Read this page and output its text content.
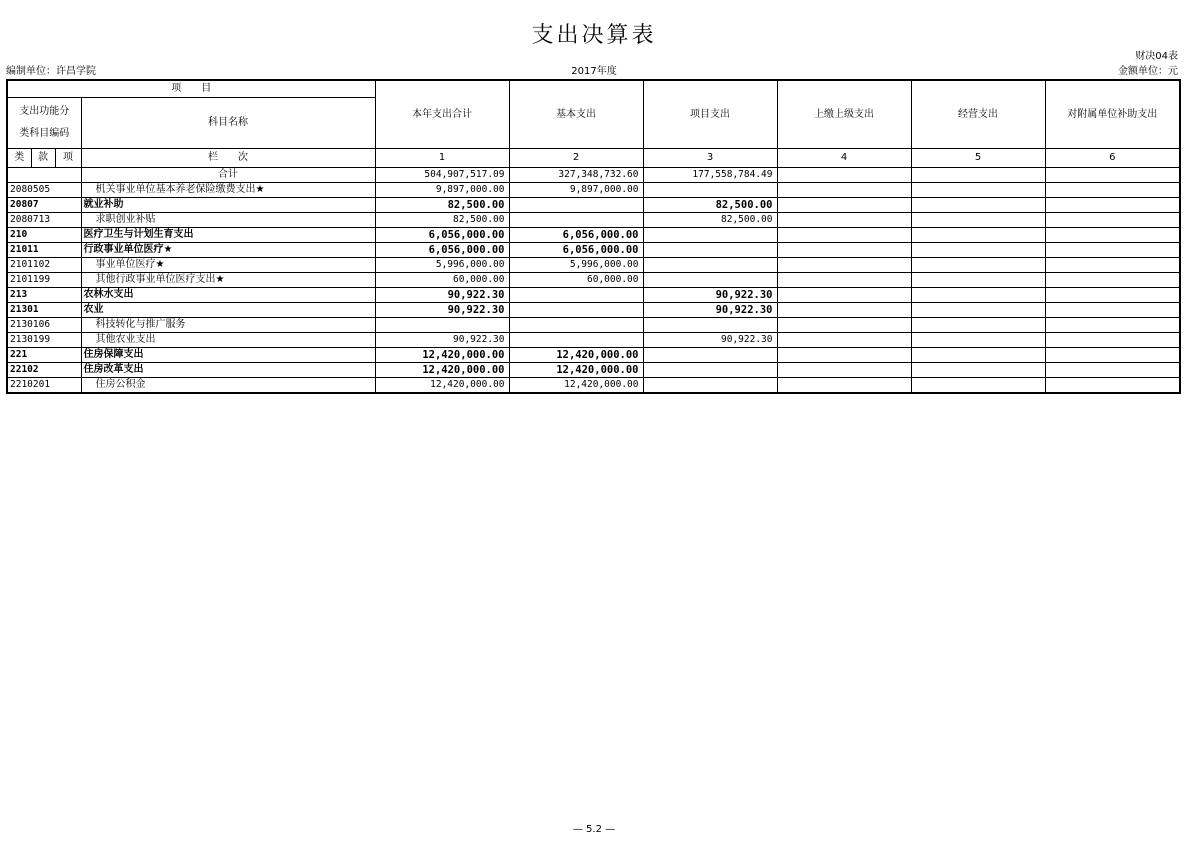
支出决算表
财决04表
编制单位：许昌学院	2017年度	金额单位：元
项　　目				本年支出合计	基本支出	项目支出	上缴上级支出	经营支出	对附属单位补助支出
支出功能分
类科目编码			科目名称						
类	款	项							
			栏　　次	1	2	3	4	5	6
			合计	504,907,517.09	327,348,732.60	177,558,784.49			
2080505			机关事业单位基本养老保险缴费支出★	9,897,000.00	9,897,000.00				
20807			就业补助	82,500.00		82,500.00			
2080713			求职创业补贴	82,500.00		82,500.00			
210			医疗卫生与计划生育支出	6,056,000.00	6,056,000.00				
21011			行政事业单位医疗★	6,056,000.00	6,056,000.00				
2101102			事业单位医疗★	5,996,000.00	5,996,000.00				
2101199			其他行政事业单位医疗支出★	60,000.00	60,000.00				
213			农林水支出	90,922.30		90,922.30			
21301			农业	90,922.30		90,922.30			
2130106			科技转化与推广服务						
2130199			其他农业支出	90,922.30		90,922.30			
221			住房保障支出	12,420,000.00	12,420,000.00				
22102			住房改革支出	12,420,000.00	12,420,000.00				
2210201			住房公积金	12,420,000.00	12,420,000.00				
— 5.2 —
